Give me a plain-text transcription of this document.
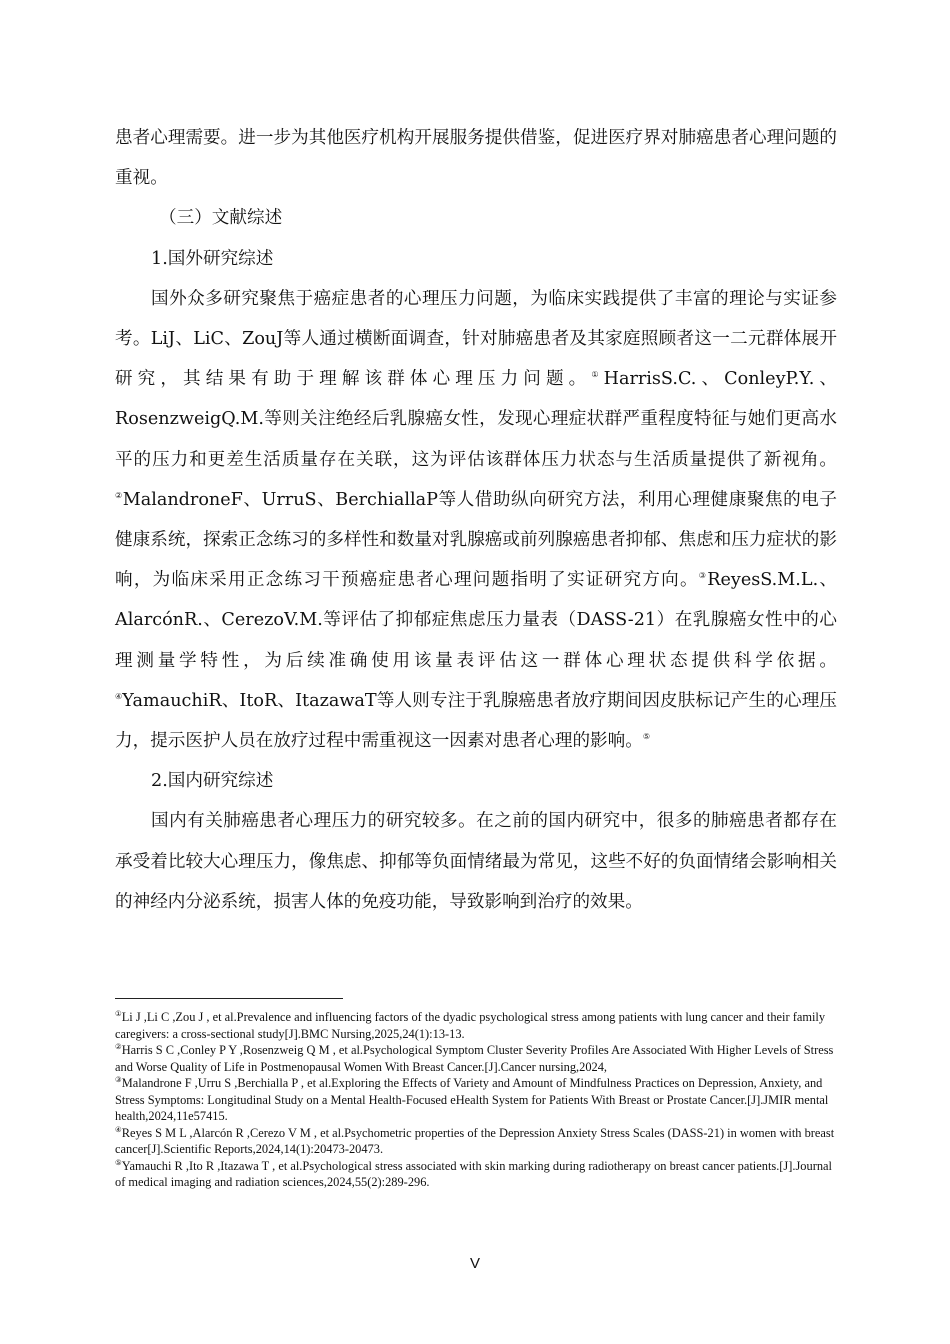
患者心理需要。进一步为其他医疗机构开展服务提供借鉴，促进医疗界对肺癌患者心理问题的重视。

（三）文献综述

1.国外研究综述

国外众多研究聚焦于癌症患者的心理压力问题，为临床实践提供了丰富的理论与实证参考。LiJ、LiC、ZouJ等人通过横断面调查，针对肺癌患者及其家庭照顾者这一二元群体展开研究，其结果有助于理解该群体心理压力问题。①HarrisS.C.、ConleyP.Y.、RosenzweigQ.M.等则关注绝经后乳腺癌女性，发现心理症状群严重程度特征与她们更高水平的压力和更差生活质量存在关联，这为评估该群体压力状态与生活质量提供了新视角。②MalandroneF、UrruS、BerchiallaP等人借助纵向研究方法，利用心理健康聚焦的电子健康系统，探索正念练习的多样性和数量对乳腺癌或前列腺癌患者抑郁、焦虑和压力症状的影响，为临床采用正念练习干预癌症患者心理问题指明了实证研究方向。③ReyesS.M.L.、AlarcónR.、CerezoV.M.等评估了抑郁症焦虑压力量表（DASS-21）在乳腺癌女性中的心理测量学特性，为后续准确使用该量表评估这一群体心理状态提供科学依据。④YamauchiR、ItoR、ItazawaT等人则专注于乳腺癌患者放疗期间因皮肤标记产生的心理压力，提示医护人员在放疗过程中需重视这一因素对患者心理的影响。⑤

2.国内研究综述

国内有关肺癌患者心理压力的研究较多。在之前的国内研究中，很多的肺癌患者都存在承受着比较大心理压力，像焦虑、抑郁等负面情绪最为常见，这些不好的负面情绪会影响相关的神经内分泌系统，损害人体的免疫功能，导致影响到治疗的效果。

①Li J ,Li C ,Zou J , et al.Prevalence and influencing factors of the dyadic psychological stress among patients with lung cancer and their family caregivers: a cross-sectional study[J].BMC Nursing,2025,24(1):13-13.

②Harris S C ,Conley P Y ,Rosenzweig Q M , et al.Psychological Symptom Cluster Severity Profiles Are Associated With Higher Levels of Stress and Worse Quality of Life in Postmenopausal Women With Breast Cancer.[J].Cancer nursing,2024,

③Malandrone F ,Urru S ,Berchialla P , et al.Exploring the Effects of Variety and Amount of Mindfulness Practices on Depression, Anxiety, and Stress Symptoms: Longitudinal Study on a Mental Health-Focused eHealth System for Patients With Breast or Prostate Cancer.[J].JMIR mental health,2024,11e57415.

④Reyes S M L ,Alarcón R ,Cerezo V M , et al.Psychometric properties of the Depression Anxiety Stress Scales (DASS-21) in women with breast cancer[J].Scientific Reports,2024,14(1):20473-20473.

⑤Yamauchi R ,Ito R ,Itazawa T , et al.Psychological stress associated with skin marking during radiotherapy on breast cancer patients.[J].Journal of medical imaging and radiation sciences,2024,55(2):289-296.

V
